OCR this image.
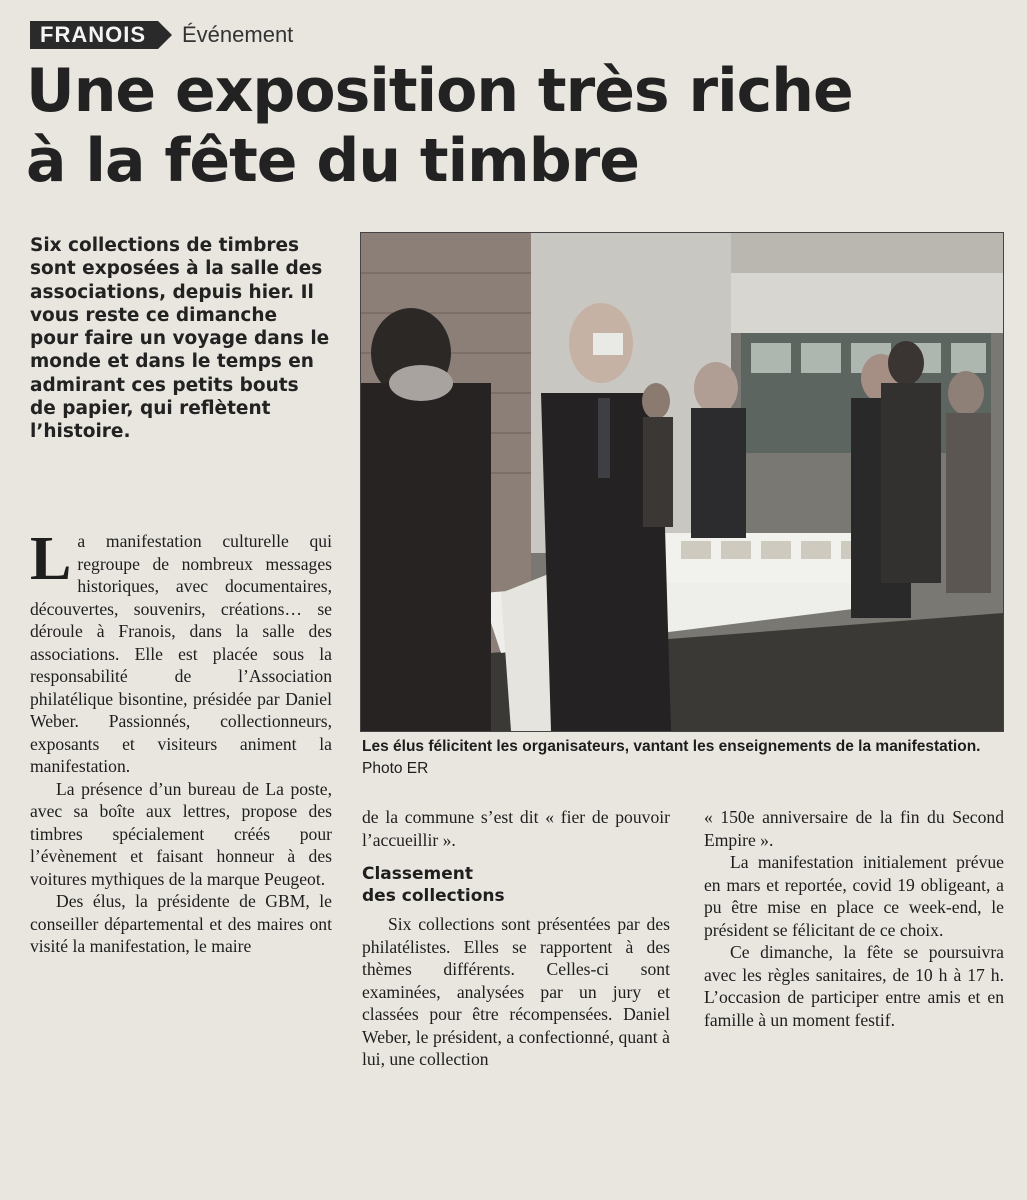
FRANOIS	Événement
Une exposition très riche
à la fête du timbre

Six collections de timbres sont exposées à la salle des associations, depuis hier. Il vous reste ce dimanche pour faire un voyage dans le monde et dans le temps en admirant ces petits bouts de papier, qui reflètent l’histoire.

Les élus félicitent les organisateurs, vantant les enseignements de la manifestation. Photo ER

La manifestation culturelle qui regroupe de nombreux messages historiques, avec documentaires, découvertes, souvenirs, créations… se déroule à Franois, dans la salle des associations. Elle est placée sous la responsabilité de l’Association philatélique bisontine, présidée par Daniel Weber. Passionnés, collectionneurs, exposants et visiteurs animent la manifestation.

La présence d’un bureau de La poste, avec sa boîte aux lettres, propose des timbres spécialement créés pour l’évènement et faisant honneur à des voitures mythiques de la marque Peugeot.

Des élus, la présidente de GBM, le conseiller départemental et des maires ont visité la manifestation, le maire

de la commune s’est dit « fier de pouvoir l’accueillir ».

Classement
des collections

Six collections sont présentées par des philatélistes. Elles se rapportent à des thèmes différents. Celles-ci sont examinées, analysées par un jury et classées pour être récompensées. Daniel Weber, le président, a confectionné, quant à lui, une collection

« 150e anniversaire de la fin du Second Empire ».

La manifestation initialement prévue en mars et reportée, covid 19 obligeant, a pu être mise en place ce week-end, le président se félicitant de ce choix.

Ce dimanche, la fête se poursuivra avec les règles sanitaires, de 10 h à 17 h. L’occasion de participer entre amis et en famille à un moment festif.
